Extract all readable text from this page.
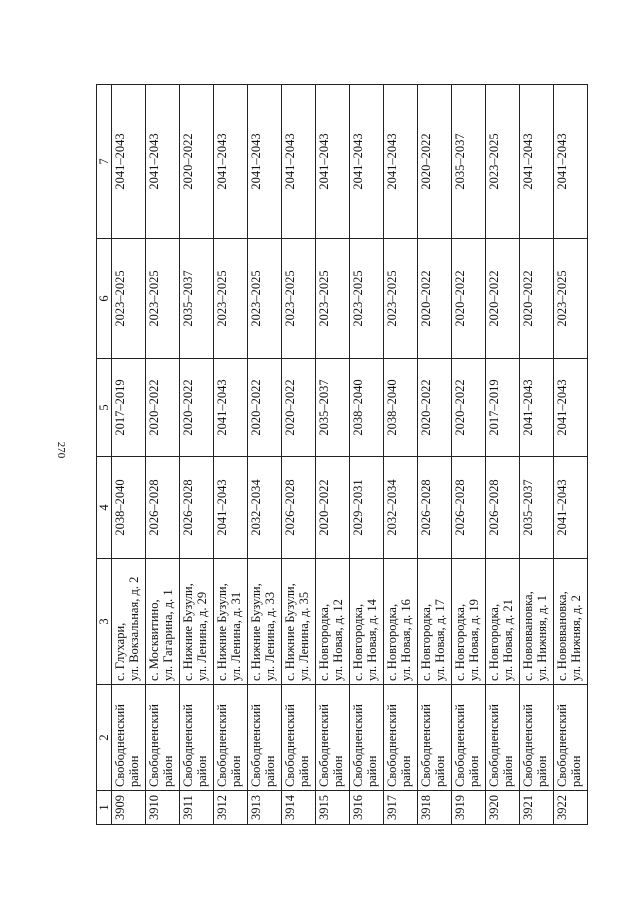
270
1	2	3	4	5	6	7
3909	Свободненский район	с. Глухари, ул. Вокзальная, д. 2	2038–2040	2017–2019	2023–2025	2041–2043
3910	Свободненский район	с. Москвитино, ул. Гагарина, д. 1	2026–2028	2020–2022	2023–2025	2041–2043
3911	Свободненский район	с. Нижние Бузули, ул. Ленина, д. 29	2026–2028	2020–2022	2035–2037	2020–2022
3912	Свободненский район	с. Нижние Бузули, ул. Ленина, д. 31	2041–2043	2041–2043	2023–2025	2041–2043
3913	Свободненский район	с. Нижние Бузули, ул. Ленина, д. 33	2032–2034	2020–2022	2023–2025	2041–2043
3914	Свободненский район	с. Нижние Бузули, ул. Ленина, д. 35	2026–2028	2020–2022	2023–2025	2041–2043
3915	Свободненский район	с. Новгородка, ул. Новая, д. 12	2020–2022	2035–2037	2023–2025	2041–2043
3916	Свободненский район	с. Новгородка, ул. Новая, д. 14	2029–2031	2038–2040	2023–2025	2041–2043
3917	Свободненский район	с. Новгородка, ул. Новая, д. 16	2032–2034	2038–2040	2023–2025	2041–2043
3918	Свободненский район	с. Новгородка, ул. Новая, д. 17	2026–2028	2020–2022	2020–2022	2020–2022
3919	Свободненский район	с. Новгородка, ул. Новая, д. 19	2026–2028	2020–2022	2020–2022	2035–2037
3920	Свободненский район	с. Новгородка, ул. Новая, д. 21	2026–2028	2017–2019	2020–2022	2023–2025
3921	Свободненский район	с. Нововвановка, ул. Нижняя, д. 1	2035–2037	2041–2043	2020–2022	2041–2043
3922	Свободненский район	с. Нововвановка, ул. Нижняя, д. 2	2041–2043	2041–2043	2023–2025	2041–2043
